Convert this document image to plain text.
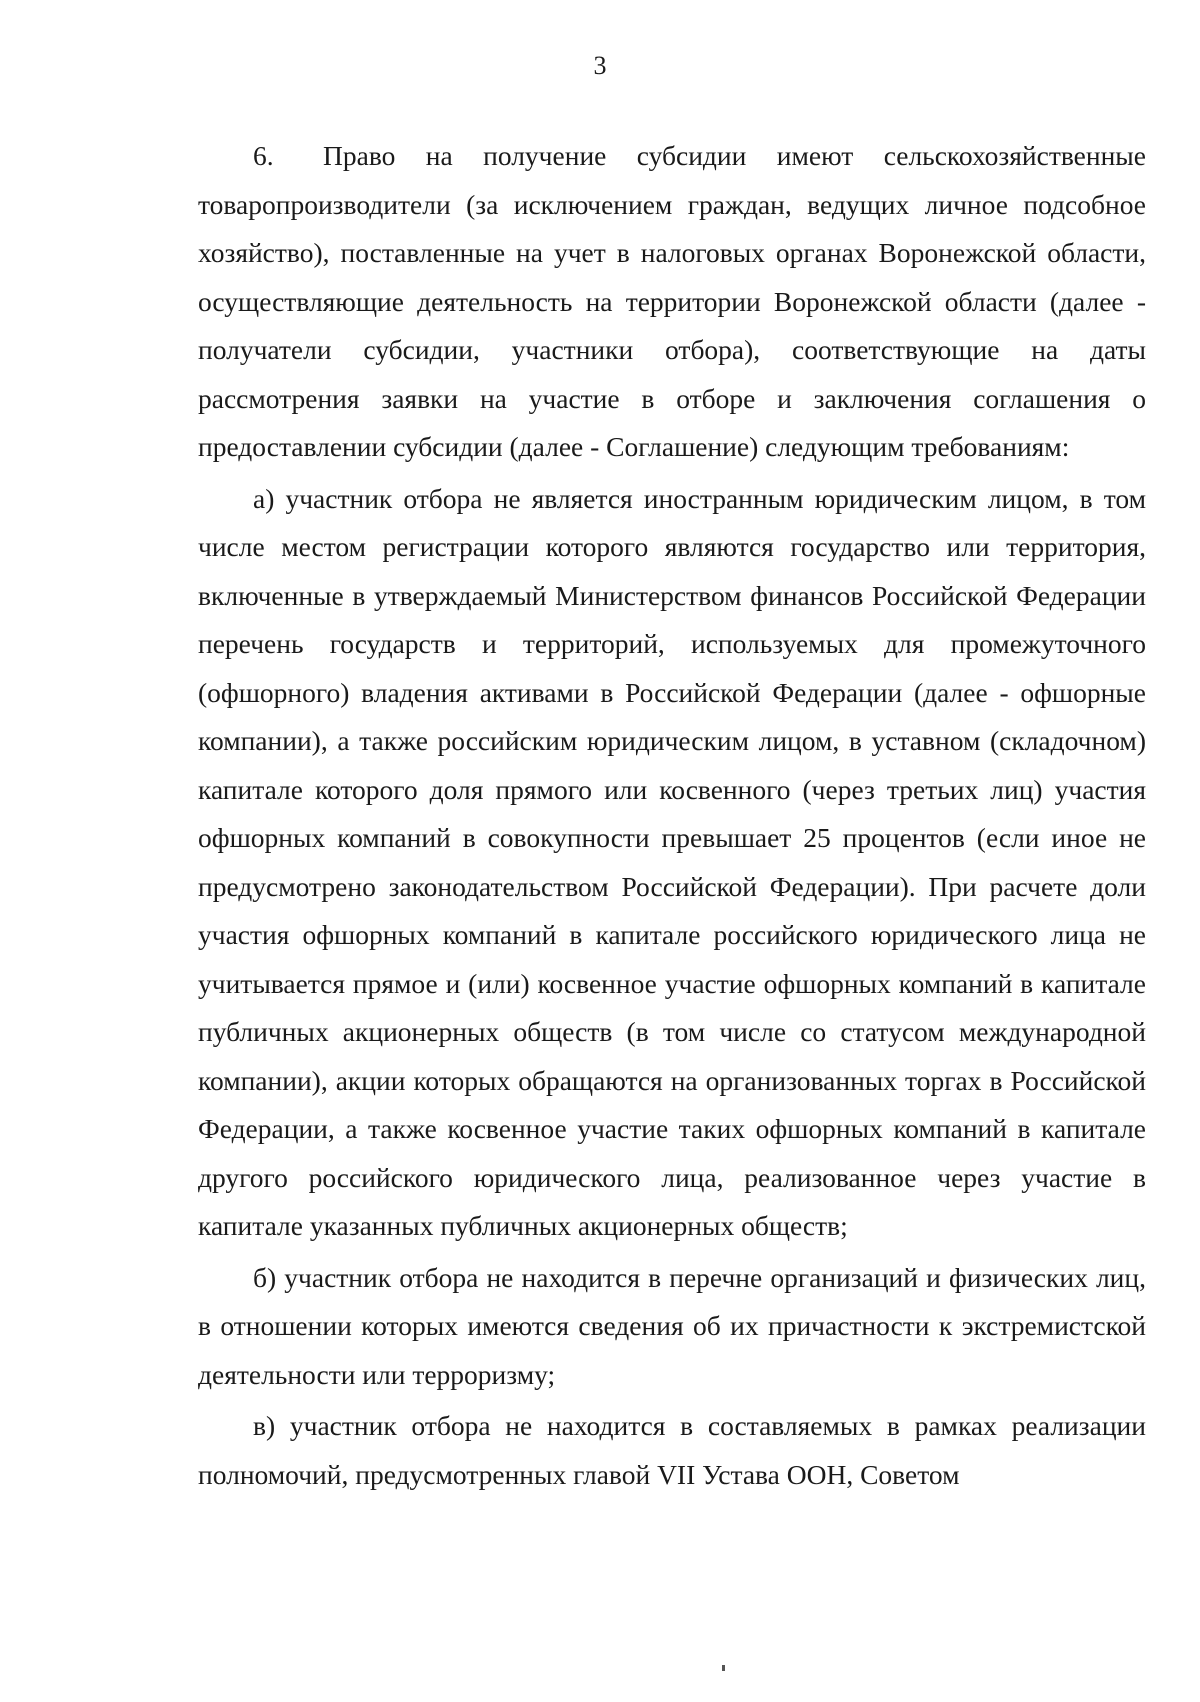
3

6. Право на получение субсидии имеют сельскохозяйственные товаропроизводители (за исключением граждан, ведущих личное подсобное хозяйство), поставленные на учет в налоговых органах Воронежской области, осуществляющие деятельность на территории Воронежской области (далее - получатели субсидии, участники отбора), соответствующие на даты рассмотрения заявки на участие в отборе и заключения соглашения о предоставлении субсидии (далее - Соглашение) следующим требованиям:

а) участник отбора не является иностранным юридическим лицом, в том числе местом регистрации которого являются государство или территория, включенные в утверждаемый Министерством финансов Российской Федерации перечень государств и территорий, используемых для промежуточного (офшорного) владения активами в Российской Федерации (далее - офшорные компании), а также российским юридическим лицом, в уставном (складочном) капитале которого доля прямого или косвенного (через третьих лиц) участия офшорных компаний в совокупности превышает 25 процентов (если иное не предусмотрено законодательством Российской Федерации). При расчете доли участия офшорных компаний в капитале российского юридического лица не учитывается прямое и (или) косвенное участие офшорных компаний в капитале публичных акционерных обществ (в том числе со статусом международной компании), акции которых обращаются на организованных торгах в Российской Федерации, а также косвенное участие таких офшорных компаний в капитале другого российского юридического лица, реализованное через участие в капитале указанных публичных акционерных обществ;

б) участник отбора не находится в перечне организаций и физических лиц, в отношении которых имеются сведения об их причастности к экстремистской деятельности или терроризму;

в) участник отбора не находится в составляемых в рамках реализации полномочий, предусмотренных главой VII Устава ООН, Советом
